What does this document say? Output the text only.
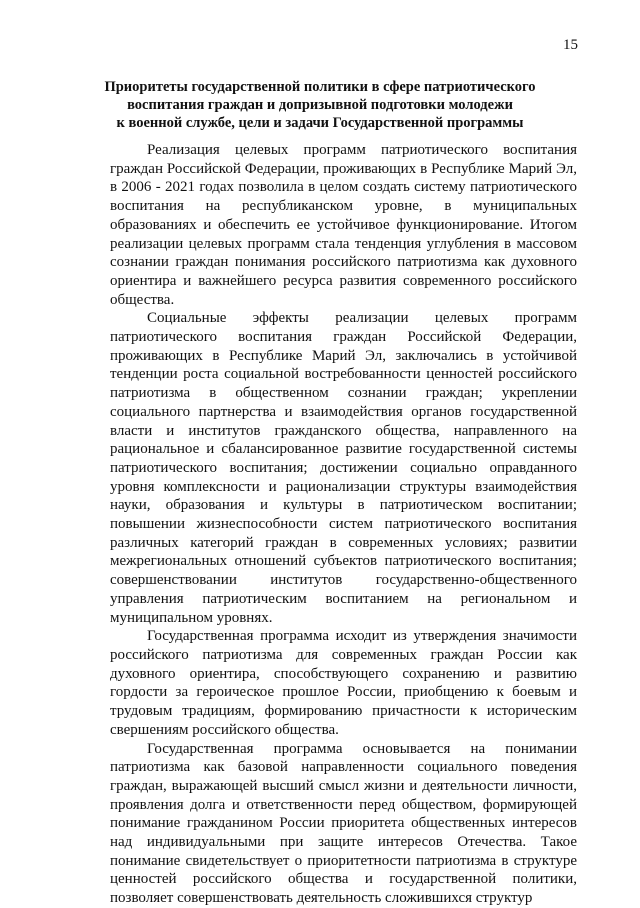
15
Приоритеты государственной политики в сфере патриотического
воспитания граждан и допризывной подготовки молодежи
к военной службе, цели и задачи Государственной программы

Реализация целевых программ патриотического воспитания граждан Российской Федерации, проживающих в Республике Марий Эл, в 2006 - 2021 годах позволила в целом создать систему патриотического воспитания на республиканском уровне, в муниципальных образованиях и обеспечить ее устойчивое функционирование. Итогом реализации целевых программ стала тенденция углубления в массовом сознании граждан понимания российского патриотизма как духовного ориентира и важнейшего ресурса развития современного российского общества.

Социальные эффекты реализации целевых программ патриотического воспитания граждан Российской Федерации, проживающих в Республике Марий Эл, заключались в устойчивой тенденции роста социальной востребованности ценностей российского патриотизма в общественном сознании граждан; укреплении социального партнерства и взаимодействия органов государственной власти и институтов гражданского общества, направленного на рациональное и сбалансированное развитие государственной системы патриотического воспитания; достижении социально оправданного уровня комплексности и рационализации структуры взаимодействия науки, образования и культуры в патриотическом воспитании; повышении жизнеспособности систем патриотического воспитания различных категорий граждан в современных условиях; развитии межрегиональных отношений субъектов патриотического воспитания; совершенствовании институтов государственно-общественного управления патриотическим воспитанием на региональном и муниципальном уровнях.

Государственная программа исходит из утверждения значимости российского патриотизма для современных граждан России как духовного ориентира, способствующего сохранению и развитию гордости за героическое прошлое России, приобщению к боевым и трудовым традициям, формированию причастности к историческим свершениям российского общества.

Государственная программа основывается на понимании патриотизма как базовой направленности социального поведения граждан, выражающей высший смысл жизни и деятельности личности, проявления долга и ответственности перед обществом, формирующей понимание гражданином России приоритета общественных интересов над индивидуальными при защите интересов Отечества. Такое понимание свидетельствует о приоритетности патриотизма в структуре ценностей российского общества и государственной политики, позволяет совершенствовать деятельность сложившихся структур
